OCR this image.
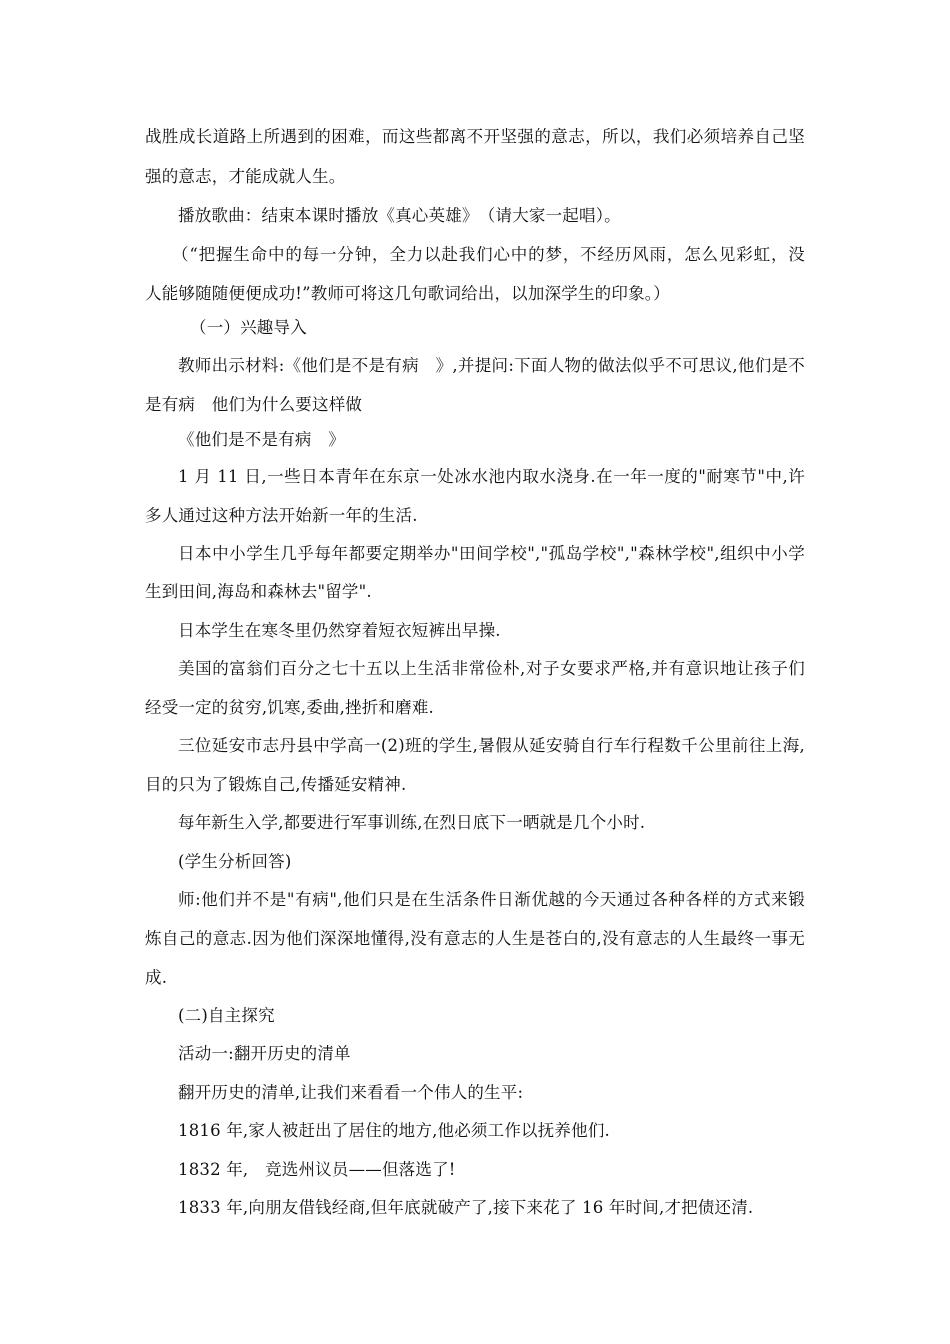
战胜成长道路上所遇到的困难，而这些都离不开坚强的意志，所以，我们必须培养自己坚
强的意志，才能成就人生。
播放歌曲：结束本课时播放《真心英雄》　（请大家一起唱）。
（“把握生命中的每一分钟，全力以赴我们心中的梦，不经历风雨，怎么见彩虹，没
人能够随随便便成功!”教师可将这几句歌词给出，以加深学生的印象。）
（一）兴趣导入
教师出示材料:《他们是不是有病　》,并提问:下面人物的做法似乎不可思议,他们是不
是有病　他们为什么要这样做
《他们是不是有病　》
1 月 11 日,一些日本青年在东京一处冰水池内取水浇身.在一年一度的"耐寒节"中,许
多人通过这种方法开始新一年的生活.
日本中小学生几乎每年都要定期举办"田间学校","孤岛学校","森林学校",组织中小学
生到田间,海岛和森林去"留学".
日本学生在寒冬里仍然穿着短衣短裤出早操.
美国的富翁们百分之七十五以上生活非常俭朴,对子女要求严格,并有意识地让孩子们
经受一定的贫穷,饥寒,委曲,挫折和磨难.
三位延安市志丹县中学高一(2)班的学生,暑假从延安骑自行车行程数千公里前往上海,
目的只为了锻炼自己,传播延安精神.
每年新生入学,都要进行军事训练,在烈日底下一晒就是几个小时.
(学生分析回答)
师:他们并不是"有病",他们只是在生活条件日渐优越的今天通过各种各样的方式来锻
炼自己的意志.因为他们深深地懂得,没有意志的人生是苍白的,没有意志的人生最终一事无
成.
(二)自主探究
活动一:翻开历史的清单
翻开历史的清单,让我们来看看一个伟人的生平:
1816 年,家人被赶出了居住的地方,他必须工作以抚养他们.
1832 年,　竞选州议员——但落选了!
1833 年,向朋友借钱经商,但年底就破产了,接下来花了 16 年时间,才把债还清.
